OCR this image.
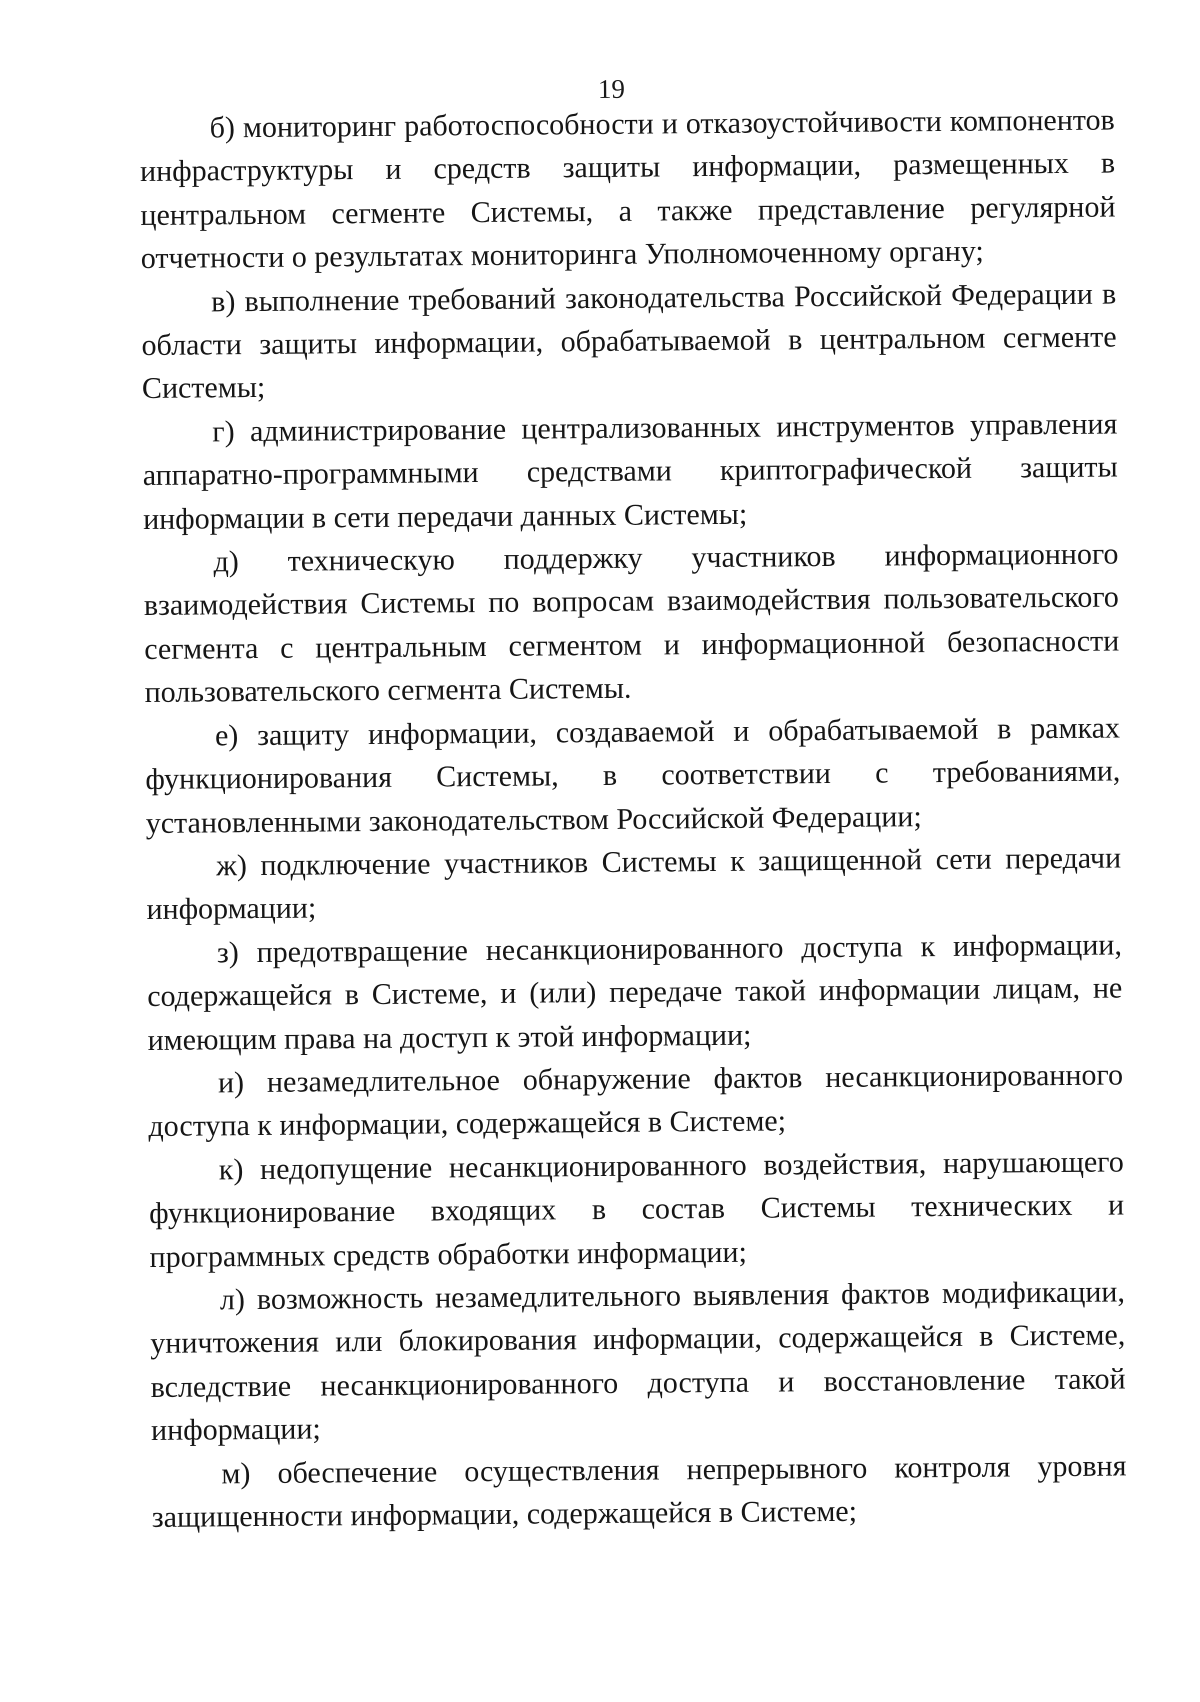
19

б) мониторинг работоспособности и отказоустойчивости компонентов инфраструктуры и средств защиты информации, размещенных в центральном сегменте Системы, а также представление регулярной отчетности о результатах мониторинга Уполномоченному органу;

в) выполнение требований законодательства Российской Федерации в области защиты информации, обрабатываемой в центральном сегменте Системы;

г) администрирование централизованных инструментов управления аппаратно-программными средствами криптографической защиты информации в сети передачи данных Системы;

д) техническую поддержку участников информационного взаимодействия Системы по вопросам взаимодействия пользовательского сегмента с центральным сегментом и информационной безопасности пользовательского сегмента Системы.

е) защиту информации, создаваемой и обрабатываемой в рамках функционирования Системы, в соответствии с требованиями, установленными законодательством Российской Федерации;

ж) подключение участников Системы к защищенной сети передачи информации;

з) предотвращение несанкционированного доступа к информации, содержащейся в Системе, и (или) передаче такой информации лицам, не имеющим права на доступ к этой информации;

и) незамедлительное обнаружение фактов несанкционированного доступа к информации, содержащейся в Системе;

к) недопущение несанкционированного воздействия, нарушающего функционирование входящих в состав Системы технических и программных средств обработки информации;

л) возможность незамедлительного выявления фактов модификации, уничтожения или блокирования информации, содержащейся в Системе, вследствие несанкционированного доступа и восстановление такой информации;

м) обеспечение осуществления непрерывного контроля уровня защищенности информации, содержащейся в Системе;
